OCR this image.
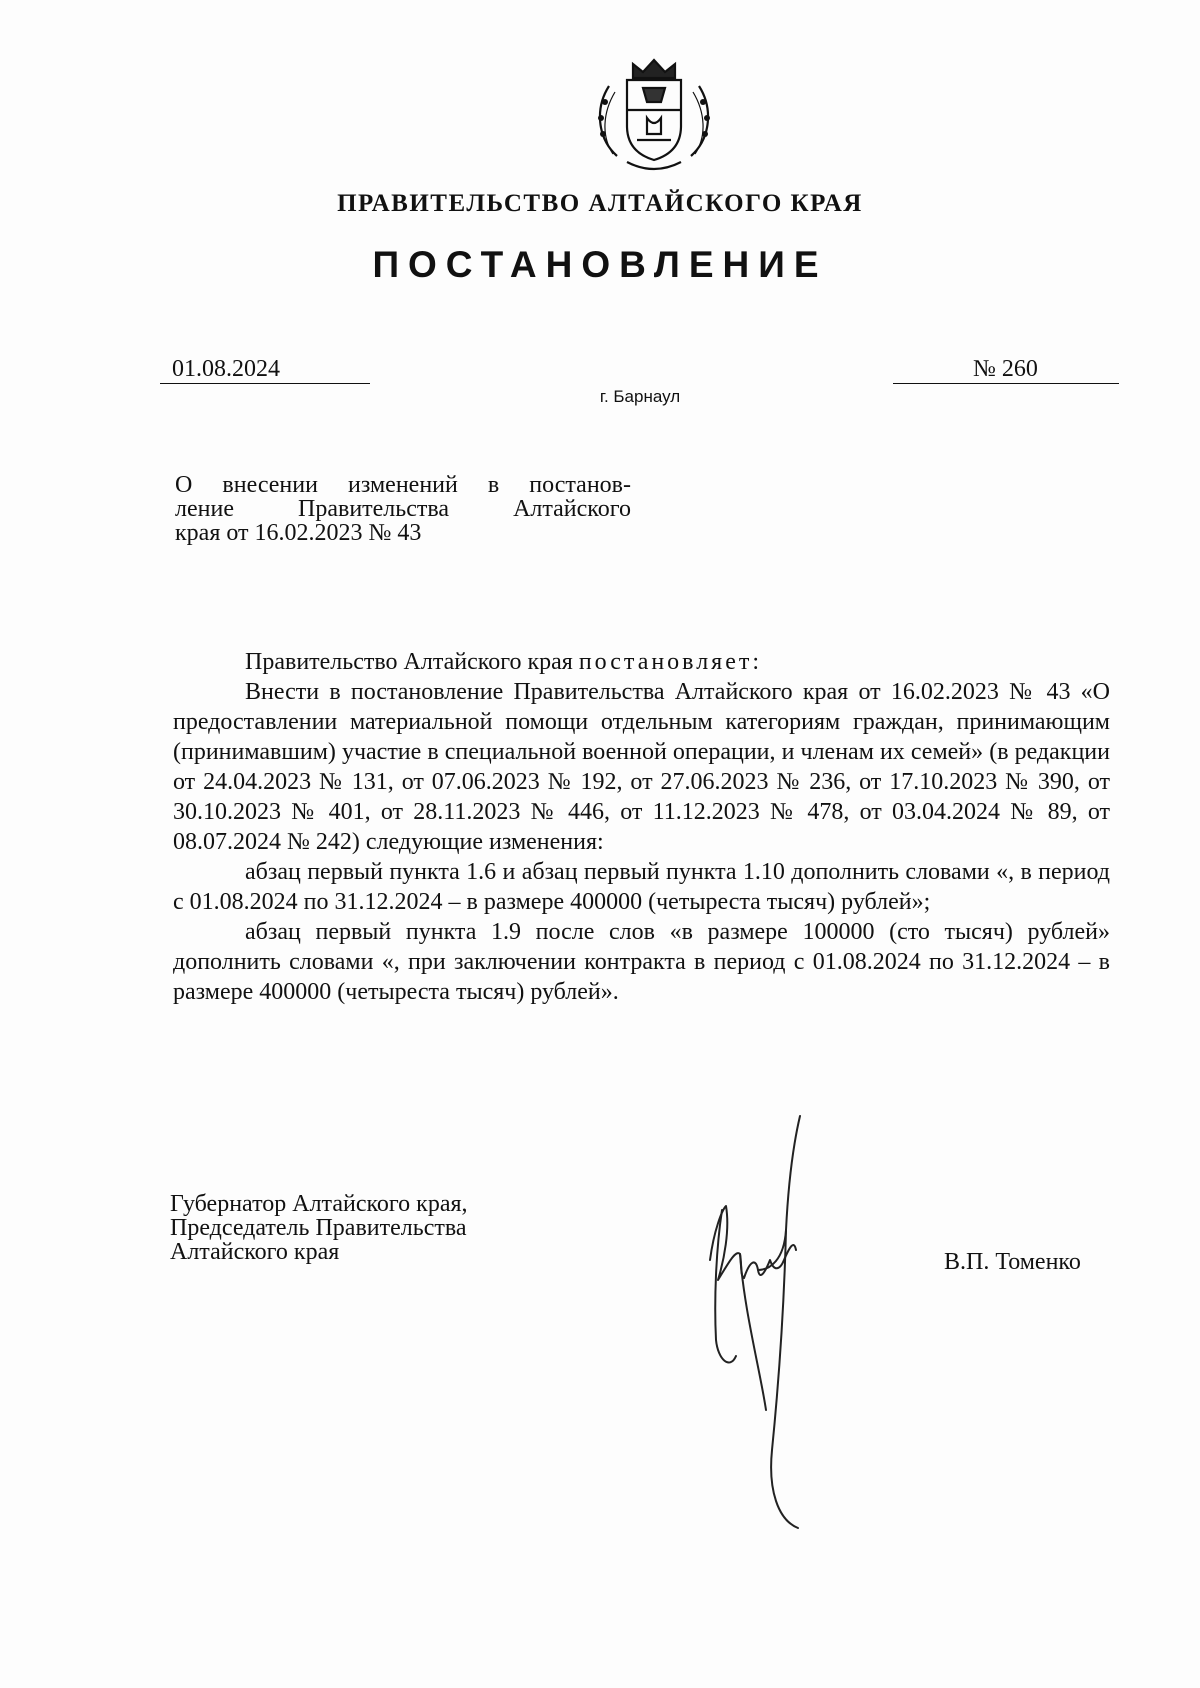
ПРАВИТЕЛЬСТВО АЛТАЙСКОГО КРАЯ
ПОСТАНОВЛЕНИЕ
01.08.2024	№ 260
г. Барнаул
О внесении изменений в постанов-
ление Правительства Алтайского
края от 16.02.2023 № 43

Правительство Алтайского края постановляет:

Внести в постановление Правительства Алтайского края от 16.02.2023 № 43 «О предоставлении материальной помощи отдельным категориям граждан, принимающим (принимавшим) участие в специальной военной операции, и членам их семей» (в редакции от 24.04.2023 № 131, от 07.06.2023 № 192, от 27.06.2023 № 236, от 17.10.2023 № 390, от 30.10.2023 № 401, от 28.11.2023 № 446, от 11.12.2023 № 478, от 03.04.2024 № 89, от 08.07.2024 № 242) следующие изменения:

абзац первый пункта 1.6 и абзац первый пункта 1.10 дополнить словами «, в период с 01.08.2024 по 31.12.2024 – в размере 400000 (четыреста тысяч) рублей»;

абзац первый пункта 1.9 после слов «в размере 100000 (сто тысяч) рублей» дополнить словами «, при заключении контракта в период с 01.08.2024 по 31.12.2024 – в размере 400000 (четыреста тысяч) рублей».

Губернатор Алтайского края,
Председатель Правительства
Алтайского края	В.П. Томенко
